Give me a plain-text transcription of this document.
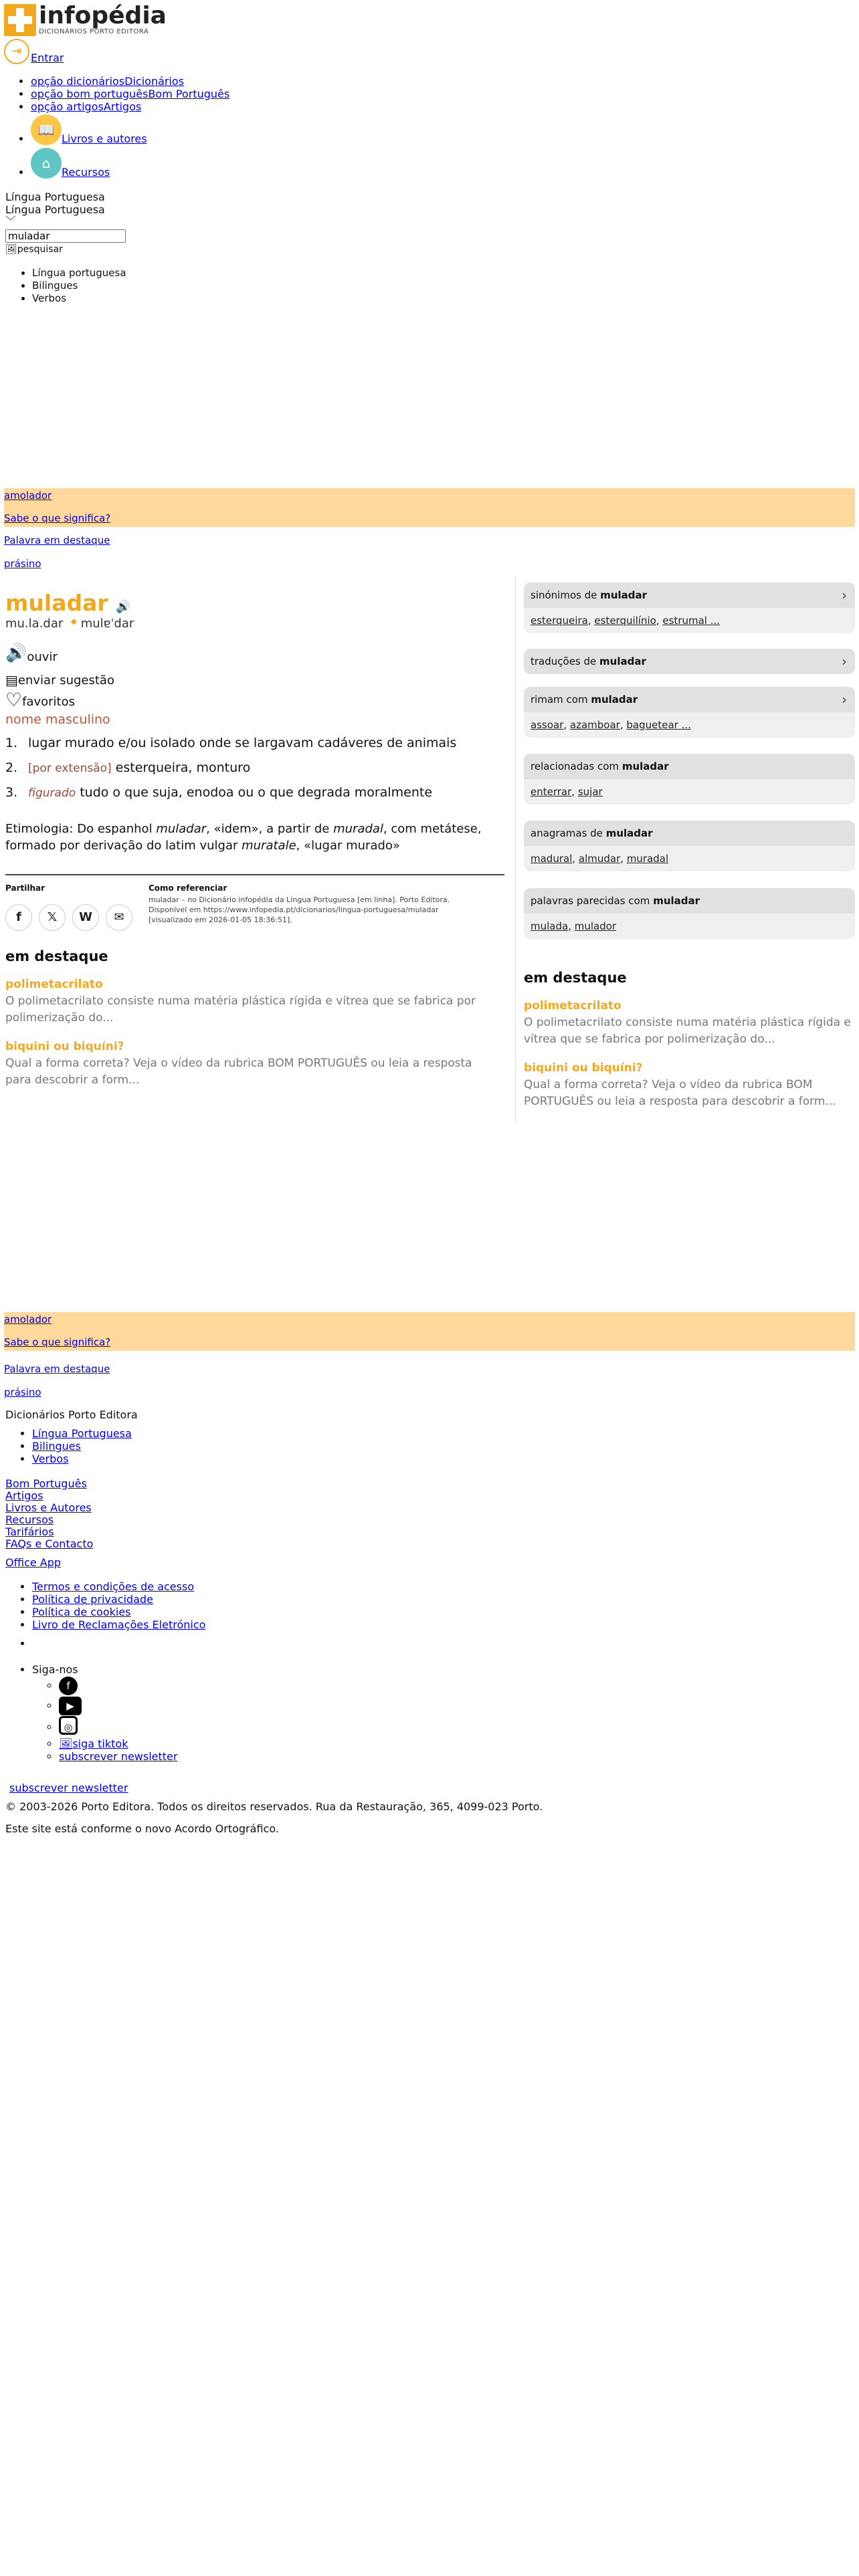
infopédia
DICIONÁRIOS PORTO EDITORA
⇥ Entrar
• opção dicionáriosDicionários
• opção bom portuguêsBom Português
• opção artigosArtigos
• 📖Livros e autores
• ⌂Recursos
Língua Portuguesa
Língua Portuguesa
﹀
muladar
🖼pesquisar
• Língua portuguesa
• Bilingues
• Verbos
amolador
Sabe o que significa?
Palavra em destaque
prásino
muladar 🔊
mu.la.dar ◆ mulɐˈdar
🔊 ouvir
▤ enviar sugestão
♡ favoritos
nome masculino
1. lugar murado e/ou isolado onde se largavam cadáveres de animais
2. [por extensão] esterqueira, monturo
3. figurado tudo o que suja, enodoa ou o que degrada moralmente
Etimologia: Do espanhol muladar, «idem», a partir de muradal, com metátese, formado por derivação do latim vulgar muratale, «lugar murado»
Partilhar
f	𝕏	W	✉
Como referenciar
muladar – no Dicionário infopédia da Língua Portuguesa [em linha]. Porto Editora. Disponível em https://www.infopedia.pt/dicionarios/lingua-portuguesa/muladar [visualizado em 2026-01-05 18:36:51].
em destaque
polimetacrilato
O polimetacrilato consiste numa matéria plástica rígida e vítrea que se fabrica por polimerização do...
biquini ou biquíni?
Qual a forma correta? Veja o vídeo da rubrica BOM PORTUGUÊS ou leia a resposta para descobrir a form...
sinónimos de muladar	›
esterqueira, esterquilínio, estrumal ...
traduções de muladar	›
rimam com muladar	›
assoar, azamboar, baguetear ...
relacionadas com muladar
enterrar, sujar
anagramas de muladar
madural, almudar, muradal
palavras parecidas com muladar
mulada, mulador
em destaque
polimetacrilato
O polimetacrilato consiste numa matéria plástica rígida e vítrea que se fabrica por polimerização do...
biquini ou biquíni?
Qual a forma correta? Veja o vídeo da rubrica BOM PORTUGUÊS ou leia a resposta para descobrir a form...
amolador
Sabe o que significa?
Palavra em destaque
prásino
Dicionários Porto Editora
• Língua Portuguesa
• Bilingues
• Verbos
Bom Português
Artigos
Livros e Autores
Recursos
Tarifários
FAQs e Contacto
Office App
• Termos e condições de acesso
• Política de privacidade
• Política de cookies
• Livro de Reclamações Eletrónico
• Siga-nos
◦ f
◦ ▶
◦ ◎
◦ 🖼siga tiktok
◦ subscrever newsletter
subscrever newsletter
© 2003-2026 Porto Editora. Todos os direitos reservados. Rua da Restauração, 365, 4099-023 Porto.
Este site está conforme o novo Acordo Ortográfico.
